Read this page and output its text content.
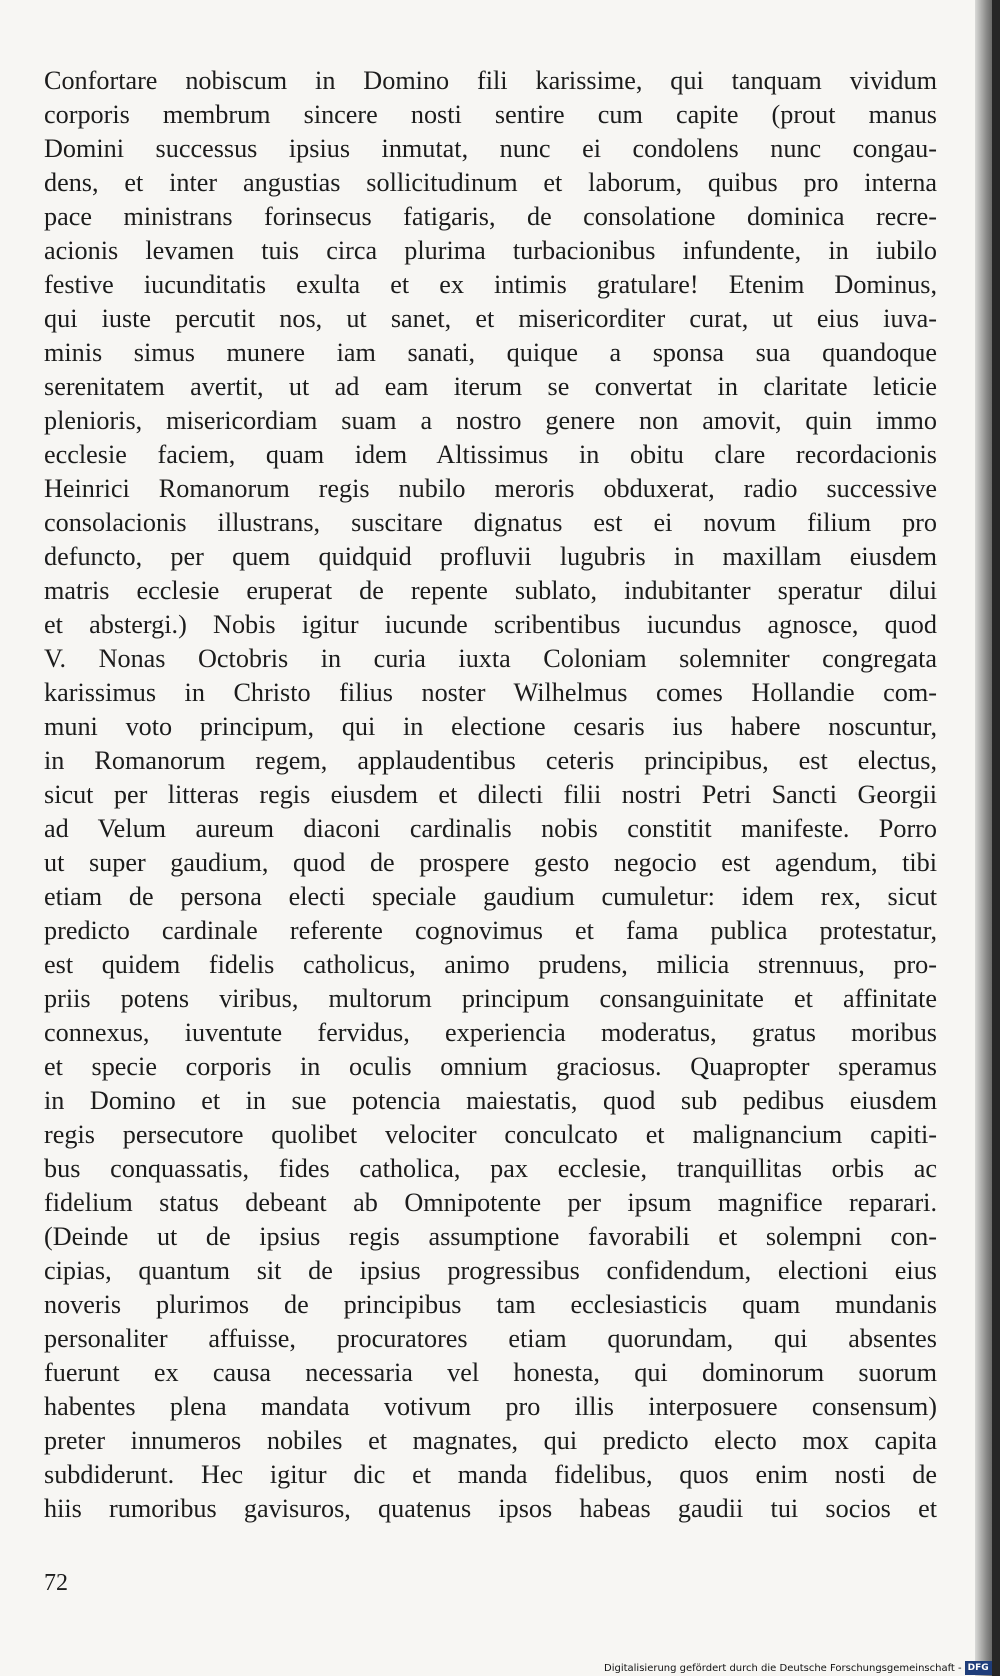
Confortare nobiscum in Domino fili karissime, qui tanquam vividum
corporis membrum sincere nosti sentire cum capite (prout manus
Domini successus ipsius inmutat, nunc ei condolens nunc congau-
dens, et inter angustias sollicitudinum et laborum, quibus pro interna
pace ministrans forinsecus fatigaris, de consolatione dominica recre-
acionis levamen tuis circa plurima turbacionibus infundente, in iubilo
festive iucunditatis exulta et ex intimis gratulare! Etenim Dominus,
qui iuste percutit nos, ut sanet, et misericorditer curat, ut eius iuva-
minis simus munere iam sanati, quique a sponsa sua quandoque
serenitatem avertit, ut ad eam iterum se convertat in claritate leticie
plenioris, misericordiam suam a nostro genere non amovit, quin immo
ecclesie faciem, quam idem Altissimus in obitu clare recordacionis
Heinrici Romanorum regis nubilo meroris obduxerat, radio successive
consolacionis illustrans, suscitare dignatus est ei novum filium pro
defuncto, per quem quidquid profluvii lugubris in maxillam eiusdem
matris ecclesie eruperat de repente sublato, indubitanter speratur dilui
et abstergi.) Nobis igitur iucunde scribentibus iucundus agnosce, quod
V. Nonas Octobris in curia iuxta Coloniam solemniter congregata
karissimus in Christo filius noster Wilhelmus comes Hollandie com-
muni voto principum, qui in electione cesaris ius habere noscuntur,
in Romanorum regem, applaudentibus ceteris principibus, est electus,
sicut per litteras regis eiusdem et dilecti filii nostri Petri Sancti Georgii
ad Velum aureum diaconi cardinalis nobis constitit manifeste. Porro
ut super gaudium, quod de prospere gesto negocio est agendum, tibi
etiam de persona electi speciale gaudium cumuletur: idem rex, sicut
predicto cardinale referente cognovimus et fama publica protestatur,
est quidem fidelis catholicus, animo prudens, milicia strennuus, pro-
priis potens viribus, multorum principum consanguinitate et affinitate
connexus, iuventute fervidus, experiencia moderatus, gratus moribus
et specie corporis in oculis omnium graciosus. Quapropter speramus
in Domino et in sue potencia maiestatis, quod sub pedibus eiusdem
regis persecutore quolibet velociter conculcato et malignancium capiti-
bus conquassatis, fides catholica, pax ecclesie, tranquillitas orbis ac
fidelium status debeant ab Omnipotente per ipsum magnifice reparari.
(Deinde ut de ipsius regis assumptione favorabili et solempni con-
cipias, quantum sit de ipsius progressibus confidendum, electioni eius
noveris plurimos de principibus tam ecclesiasticis quam mundanis
personaliter affuisse, procuratores etiam quorundam, qui absentes
fuerunt ex causa necessaria vel honesta, qui dominorum suorum
habentes plena mandata votivum pro illis interposuere consensum)
preter innumeros nobiles et magnates, qui predicto electo mox capita
subdiderunt. Hec igitur dic et manda fidelibus, quos enim nosti de
hiis rumoribus gavisuros, quatenus ipsos habeas gaudii tui socios et
72
Digitalisierung gefördert durch die Deutsche Forschungsgemeinschaft - DFG
